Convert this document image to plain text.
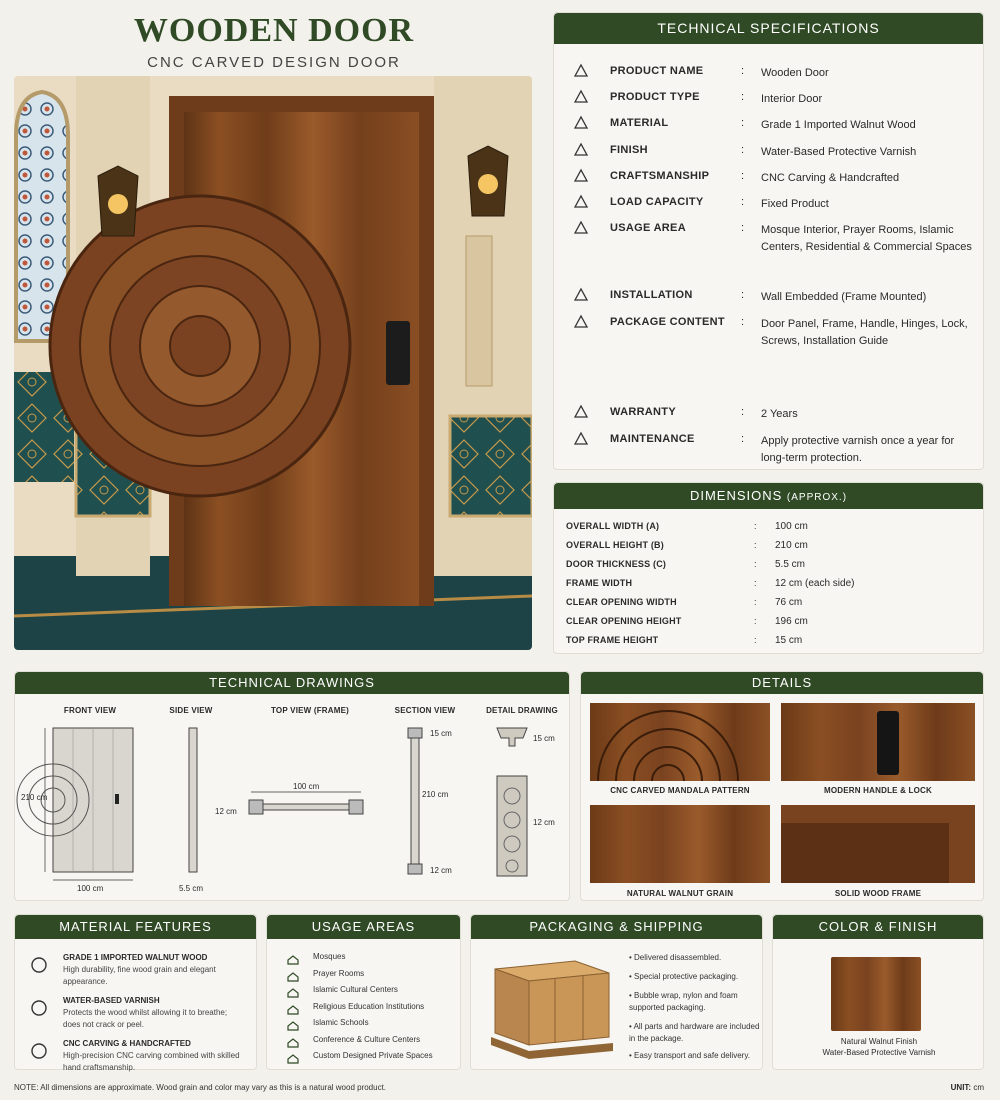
WOODEN DOOR
CNC CARVED DESIGN DOOR
TECHNICAL SPECIFICATIONS
PRODUCT NAME	: Wooden Door
PRODUCT TYPE	: Interior Door
MATERIAL	: Grade 1 Imported Walnut Wood
FINISH	: Water-Based Protective Varnish
CRAFTSMANSHIP	: CNC Carving & Handcrafted
LOAD CAPACITY	: Fixed Product
USAGE AREA	: Mosque Interior, Prayer Rooms, Islamic Centers, Residential & Commercial Spaces
INSTALLATION	: Wall Embedded (Frame Mounted)
PACKAGE CONTENT : Door Panel, Frame, Handle, Hinges, Lock, Screws, Installation Guide
WARRANTY	: 2 Years
MAINTENANCE	: Apply protective varnish once a year for long-term protection.
DIMENSIONS (APPROX.)
OVERALL WIDTH (A)	: 100 cm
OVERALL HEIGHT (B)	: 210 cm
DOOR THICKNESS (C)	: 5.5 cm
FRAME WIDTH	: 12 cm (each side)
CLEAR OPENING WIDTH	: 76 cm
CLEAR OPENING HEIGHT	: 196 cm
TOP FRAME HEIGHT	: 15 cm
TECHNICAL DRAWINGS
FRONT VIEW	SIDE VIEW	TOP VIEW (FRAME)	SECTION VIEW	DETAIL DRAWING
210 cm
100 cm	5.5 cm
100 cm
12 cm
15 cm
210 cm
12 cm
15 cm
12 cm
DETAILS
CNC CARVED MANDALA PATTERN	MODERN HANDLE & LOCK
NATURAL WALNUT GRAIN	SOLID WOOD FRAME
MATERIAL FEATURES
GRADE 1 IMPORTED WALNUT WOOD
High durability, fine wood grain and elegant appearance.
WATER-BASED VARNISH
Protects the wood whilst allowing it to breathe; does not crack or peel.
CNC CARVING & HANDCRAFTED
High-precision CNC carving combined with skilled hand craftsmanship.
USAGE AREAS
Mosques
Prayer Rooms
Islamic Cultural Centers
Religious Education Institutions
Islamic Schools
Conference & Culture Centers
Custom Designed Private Spaces
PACKAGING & SHIPPING
• Delivered disassembled.
• Special protective packaging.
• Bubble wrap, nylon and foam supported packaging.
• All parts and hardware are included in the package.
• Easy transport and safe delivery.
COLOR & FINISH
Natural Walnut Finish
Water-Based Protective Varnish
NOTE: All dimensions are approximate. Wood grain and color may vary as this is a natural wood product.	UNIT: cm
